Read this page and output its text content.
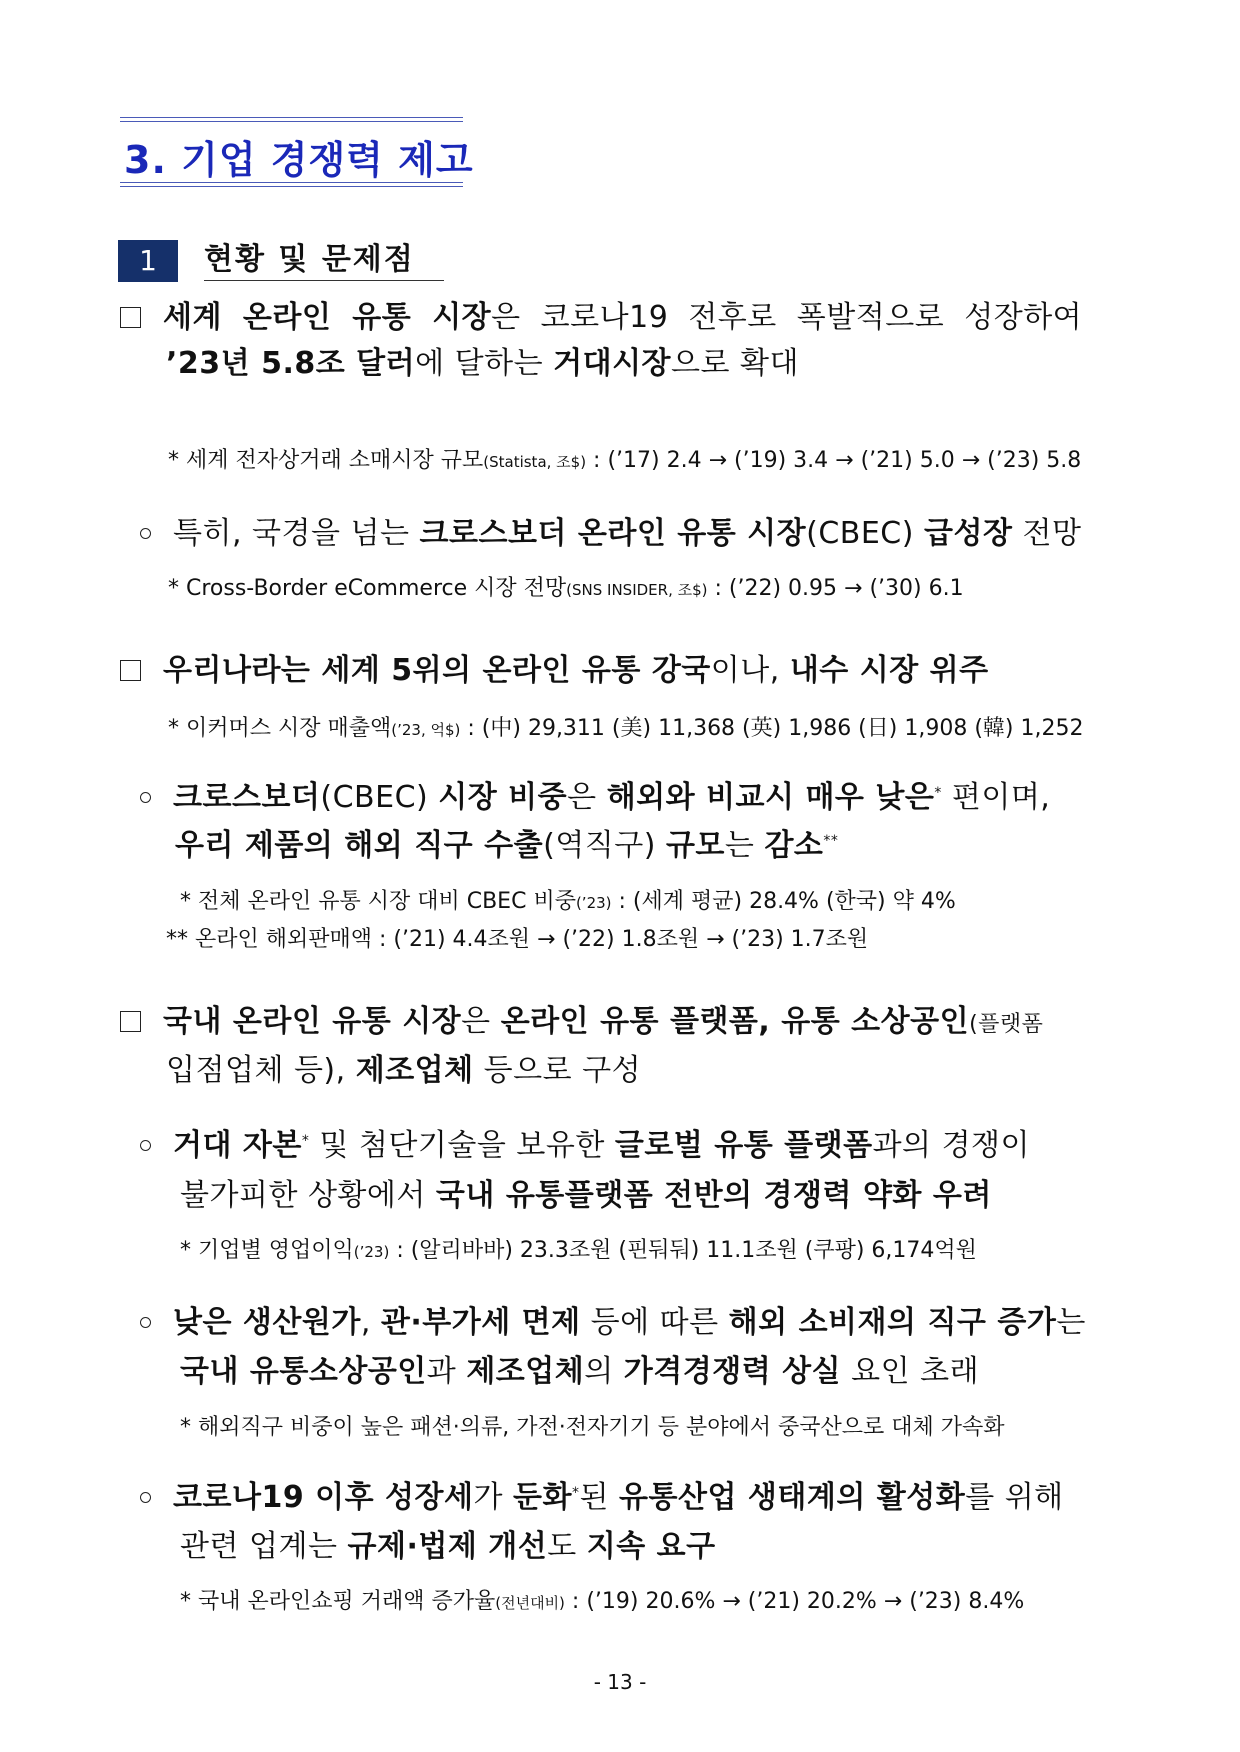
3. 기업 경쟁력 제고
1	현황 및 문제점
세계 온라인 유통 시장은 코로나19 전후로 폭발적으로 성장하여
’23년 5.8조 달러에 달하는 거대시장으로 확대
* 세계 전자상거래 소매시장 규모(Statista, 조$) : (’17) 2.4 → (’19) 3.4 → (’21) 5.0 → (’23) 5.8
특히, 국경을 넘는 크로스보더 온라인 유통 시장(CBEC) 급성장 전망
* Cross-Border eCommerce 시장 전망(SNS INSIDER, 조$) : (’22) 0.95 → (’30) 6.1
우리나라는 세계 5위의 온라인 유통 강국이나, 내수 시장 위주
* 이커머스 시장 매출액(’23, 억$) : (中) 29,311 (美) 11,368 (英) 1,986 (日) 1,908 (韓) 1,252
크로스보더(CBEC) 시장 비중은 해외와 비교시 매우 낮은* 편이며,
우리 제품의 해외 직구 수출(역직구) 규모는 감소**
* 전체 온라인 유통 시장 대비 CBEC 비중(’23) : (세계 평균) 28.4% (한국) 약 4%
** 온라인 해외판매액 : (’21) 4.4조원 → (’22) 1.8조원 → (’23) 1.7조원
국내 온라인 유통 시장은 온라인 유통 플랫폼, 유통 소상공인(플랫폼
입점업체 등), 제조업체 등으로 구성
거대 자본* 및 첨단기술을 보유한 글로벌 유통 플랫폼과의 경쟁이
불가피한 상황에서 국내 유통플랫폼 전반의 경쟁력 약화 우려
* 기업별 영업이익(’23) : (알리바바) 23.3조원 (핀둬둬) 11.1조원 (쿠팡) 6,174억원
낮은 생산원가, 관·부가세 면제 등에 따른 해외 소비재의 직구 증가는
국내 유통소상공인과 제조업체의 가격경쟁력 상실 요인 초래
* 해외직구 비중이 높은 패션·의류, 가전·전자기기 등 분야에서 중국산으로 대체 가속화
코로나19 이후 성장세가 둔화*된 유통산업 생태계의 활성화를 위해
관련 업계는 규제·법제 개선도 지속 요구
* 국내 온라인쇼핑 거래액 증가율(전년대비) : (’19) 20.6% → (’21) 20.2% → (’23) 8.4%
- 13 -
